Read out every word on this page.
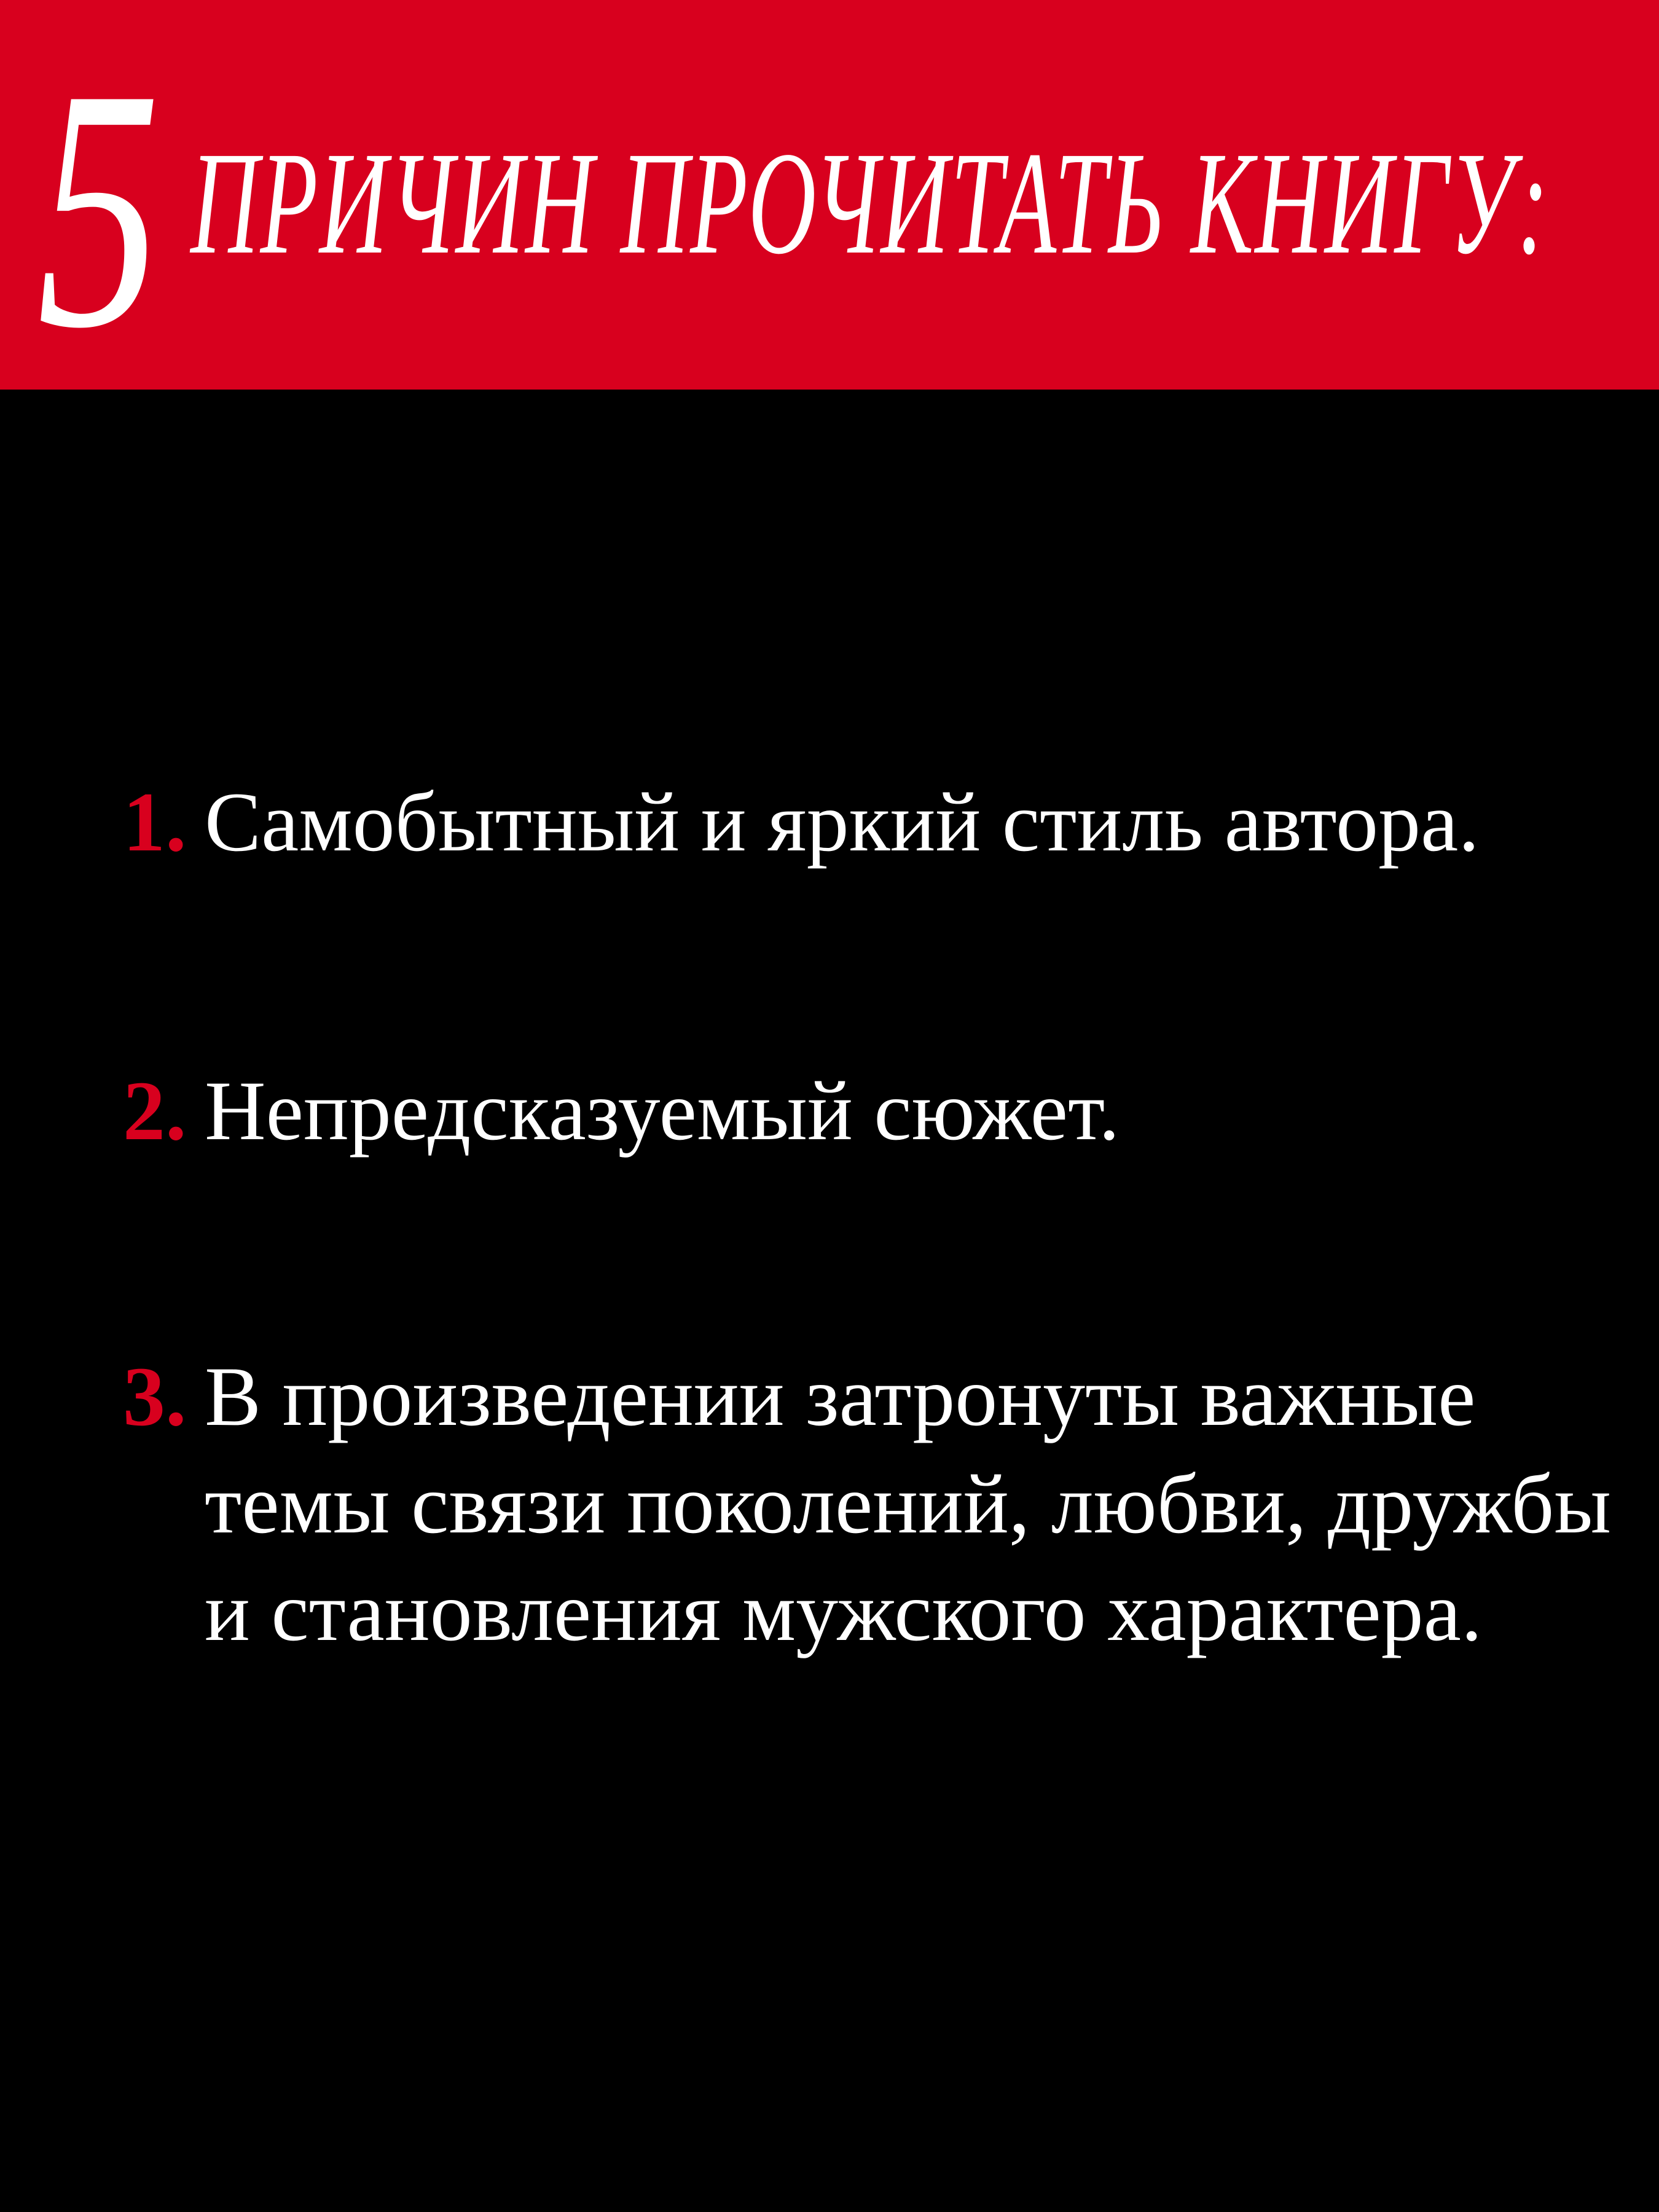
5 ПРИЧИН ПРОЧИТАТЬ КНИГУ:
1. Самобытный и яркий стиль автора.
2. Непредсказуемый сюжет.
3. В произведении затронуты важные
темы связи поколений, любви, дружбы
и становления мужского характера.
